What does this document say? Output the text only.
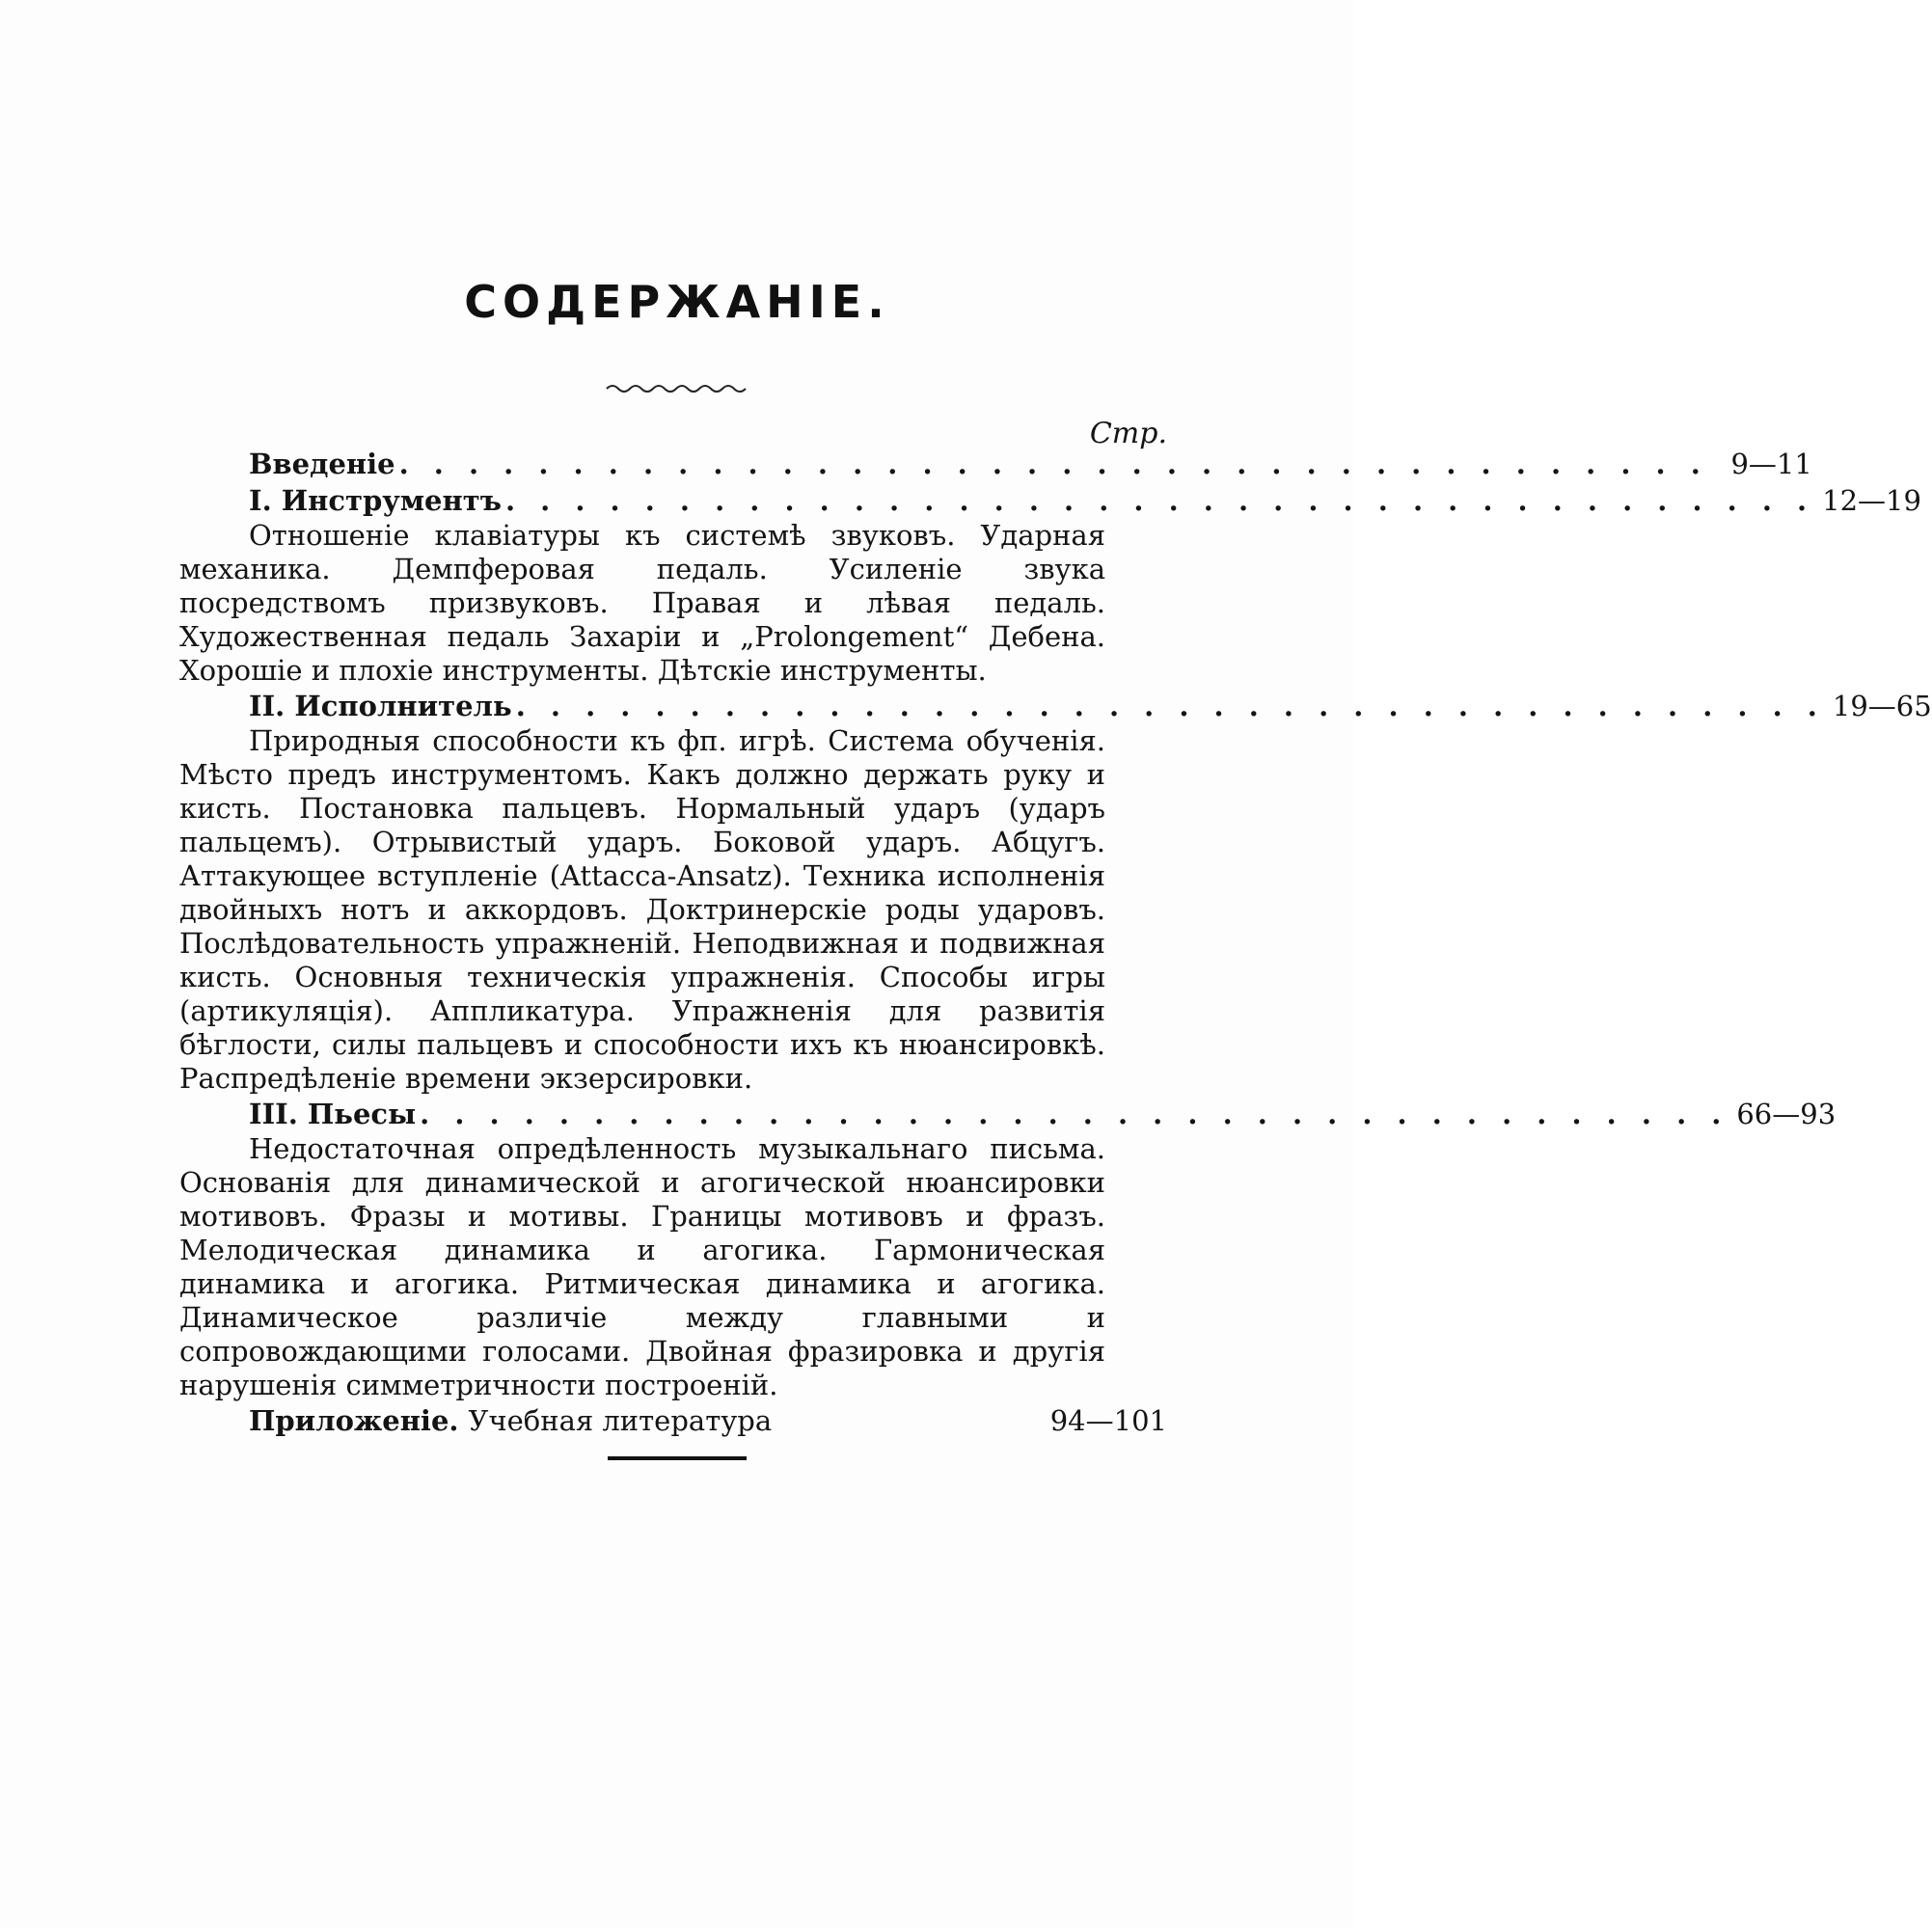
СОДЕРЖАНІЕ.
Стр.
Введеніе . . . . . . . . . . . . . . . . . . . . . . . . . . . . . . . . . . . . . . 9—11
I. Инструментъ . . . . . . . . . . . . . . . . . . . . . . . . . . . . . . . . . . . . . . 12—19

Отношеніе клавіатуры къ системѣ звуковъ. Ударная механика. Демпферовая педаль. Усиленіе звука посредствомъ призвуковъ. Правая и лѣвая педаль. Художественная педаль Захаріи и „Prolongement“ Дебена. Хорошіе и плохіе инструменты. Дѣтскіе инструменты.

II. Исполнитель . . . . . . . . . . . . . . . . . . . . . . . . . . . . . . . . . . . . . . 19—65

Природныя способности къ фп. игрѣ. Система обученія. Мѣсто предъ инструментомъ. Какъ должно держать руку и кисть. Постановка пальцевъ. Нормальный ударъ (ударъ пальцемъ). Отрывистый ударъ. Боковой ударъ. Абцугъ. Аттакующее вступленіе (Attacca-Ansatz). Техника исполненія двойныхъ нотъ и аккордовъ. Доктринерскіе роды ударовъ. Послѣдовательность упражненій. Неподвижная и подвижная кисть. Основныя техническія упражненія. Способы игры (артикуляція). Аппликатура. Упражненія для развитія бѣглости, силы пальцевъ и способности ихъ къ нюансировкѣ. Распредѣленіе времени экзерсировки.

III. Пьесы . . . . . . . . . . . . . . . . . . . . . . . . . . . . . . . . . . . . . . 66—93

Недостаточная опредѣленность музыкальнаго письма. Основанія для динамической и агогической нюансировки мотивовъ. Фразы и мотивы. Границы мотивовъ и фразъ. Мелодическая динамика и агогика. Гармоническая динамика и агогика. Ритмическая динамика и агогика. Динамическое различіе между главными и сопровождающими голосами. Двойная фразировка и другія нарушенія симметричности построеній.

Приложеніе. Учебная литература	94—101
